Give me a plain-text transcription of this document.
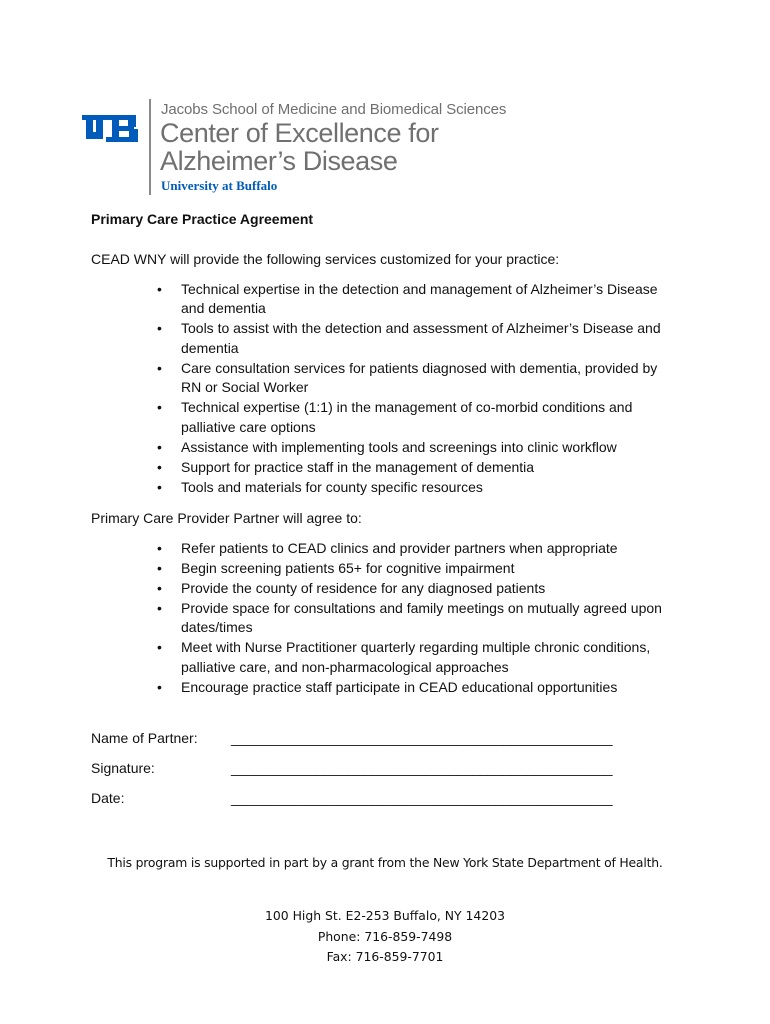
Jacobs School of Medicine and Biomedical Sciences
Center of Excellence for
Alzheimer’s Disease
University at Buffalo
Primary Care Practice Agreement
CEAD WNY will provide the following services customized for your practice:
• Technical expertise in the detection and management of Alzheimer’s Disease and dementia
• Tools to assist with the detection and assessment of Alzheimer’s Disease and dementia
• Care consultation services for patients diagnosed with dementia, provided by RN or Social Worker
• Technical expertise (1:1) in the management of co-morbid conditions and palliative care options
• Assistance with implementing tools and screenings into clinic workflow
• Support for practice staff in the management of dementia
• Tools and materials for county specific resources
Primary Care Provider Partner will agree to:
• Refer patients to CEAD clinics and provider partners when appropriate
• Begin screening patients 65+ for cognitive impairment
• Provide the county of residence for any diagnosed patients
• Provide space for consultations and family meetings on mutually agreed upon dates/times
• Meet with Nurse Practitioner quarterly regarding multiple chronic conditions, palliative care, and non-pharmacological approaches
• Encourage practice staff participate in CEAD educational opportunities
Name of Partner: _________________________________________________
Signature:	_________________________________________________
Date:	_________________________________________________
This program is supported in part by a grant from the New York State Department of Health.
100 High St. E2-253 Buffalo, NY 14203
Phone: 716-859-7498
Fax: 716-859-7701
